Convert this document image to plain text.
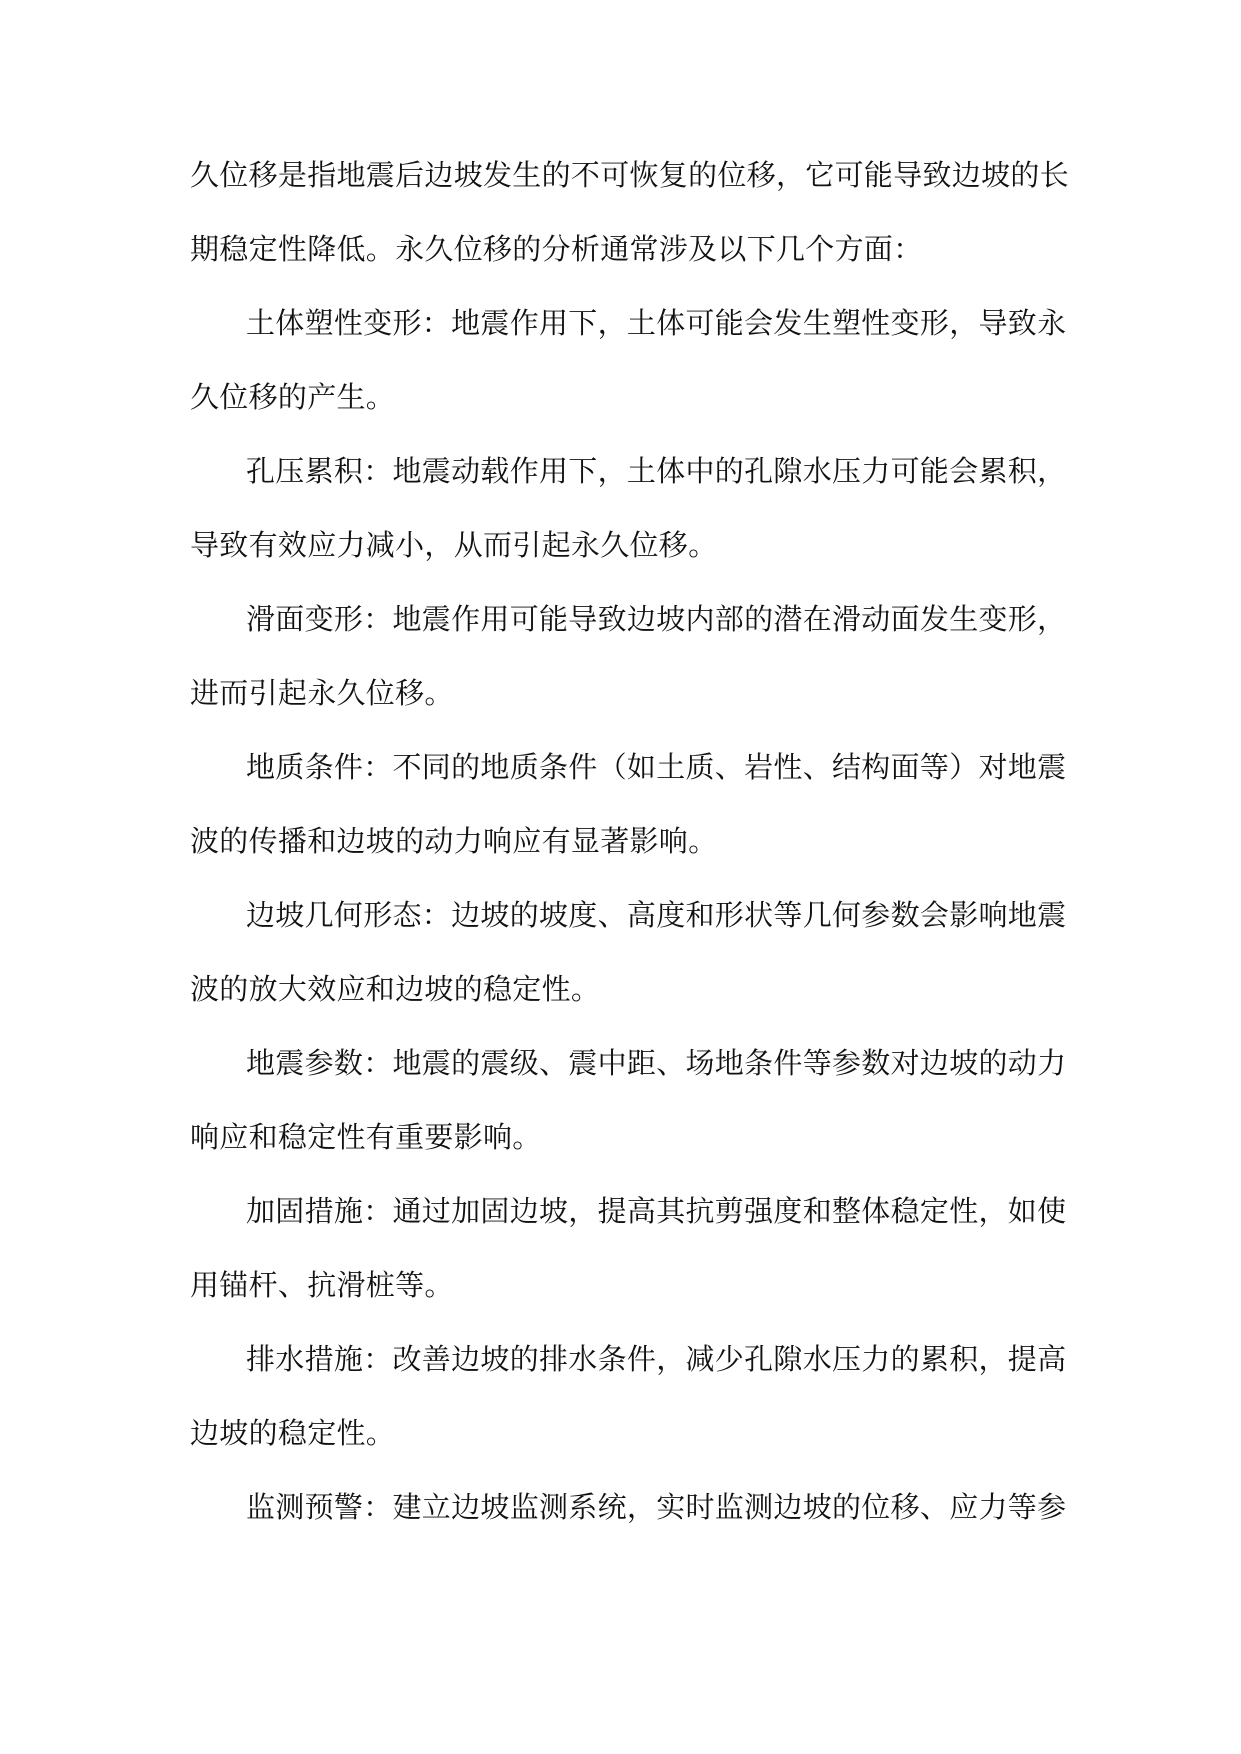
久位移是指地震后边坡发生的不可恢复的位移，它可能导致边坡的长

期稳定性降低。永久位移的分析通常涉及以下几个方面：

土体塑性变形：地震作用下，土体可能会发生塑性变形，导致永

久位移的产生。

孔压累积：地震动载作用下，土体中的孔隙水压力可能会累积，

导致有效应力减小，从而引起永久位移。

滑面变形：地震作用可能导致边坡内部的潜在滑动面发生变形，

进而引起永久位移。

地质条件：不同的地质条件（如土质、岩性、结构面等）对地震

波的传播和边坡的动力响应有显著影响。

边坡几何形态：边坡的坡度、高度和形状等几何参数会影响地震

波的放大效应和边坡的稳定性。

地震参数：地震的震级、震中距、场地条件等参数对边坡的动力

响应和稳定性有重要影响。

加固措施：通过加固边坡，提高其抗剪强度和整体稳定性，如使

用锚杆、抗滑桩等。

排水措施：改善边坡的排水条件，减少孔隙水压力的累积，提高

边坡的稳定性。

监测预警：建立边坡监测系统，实时监测边坡的位移、应力等参
